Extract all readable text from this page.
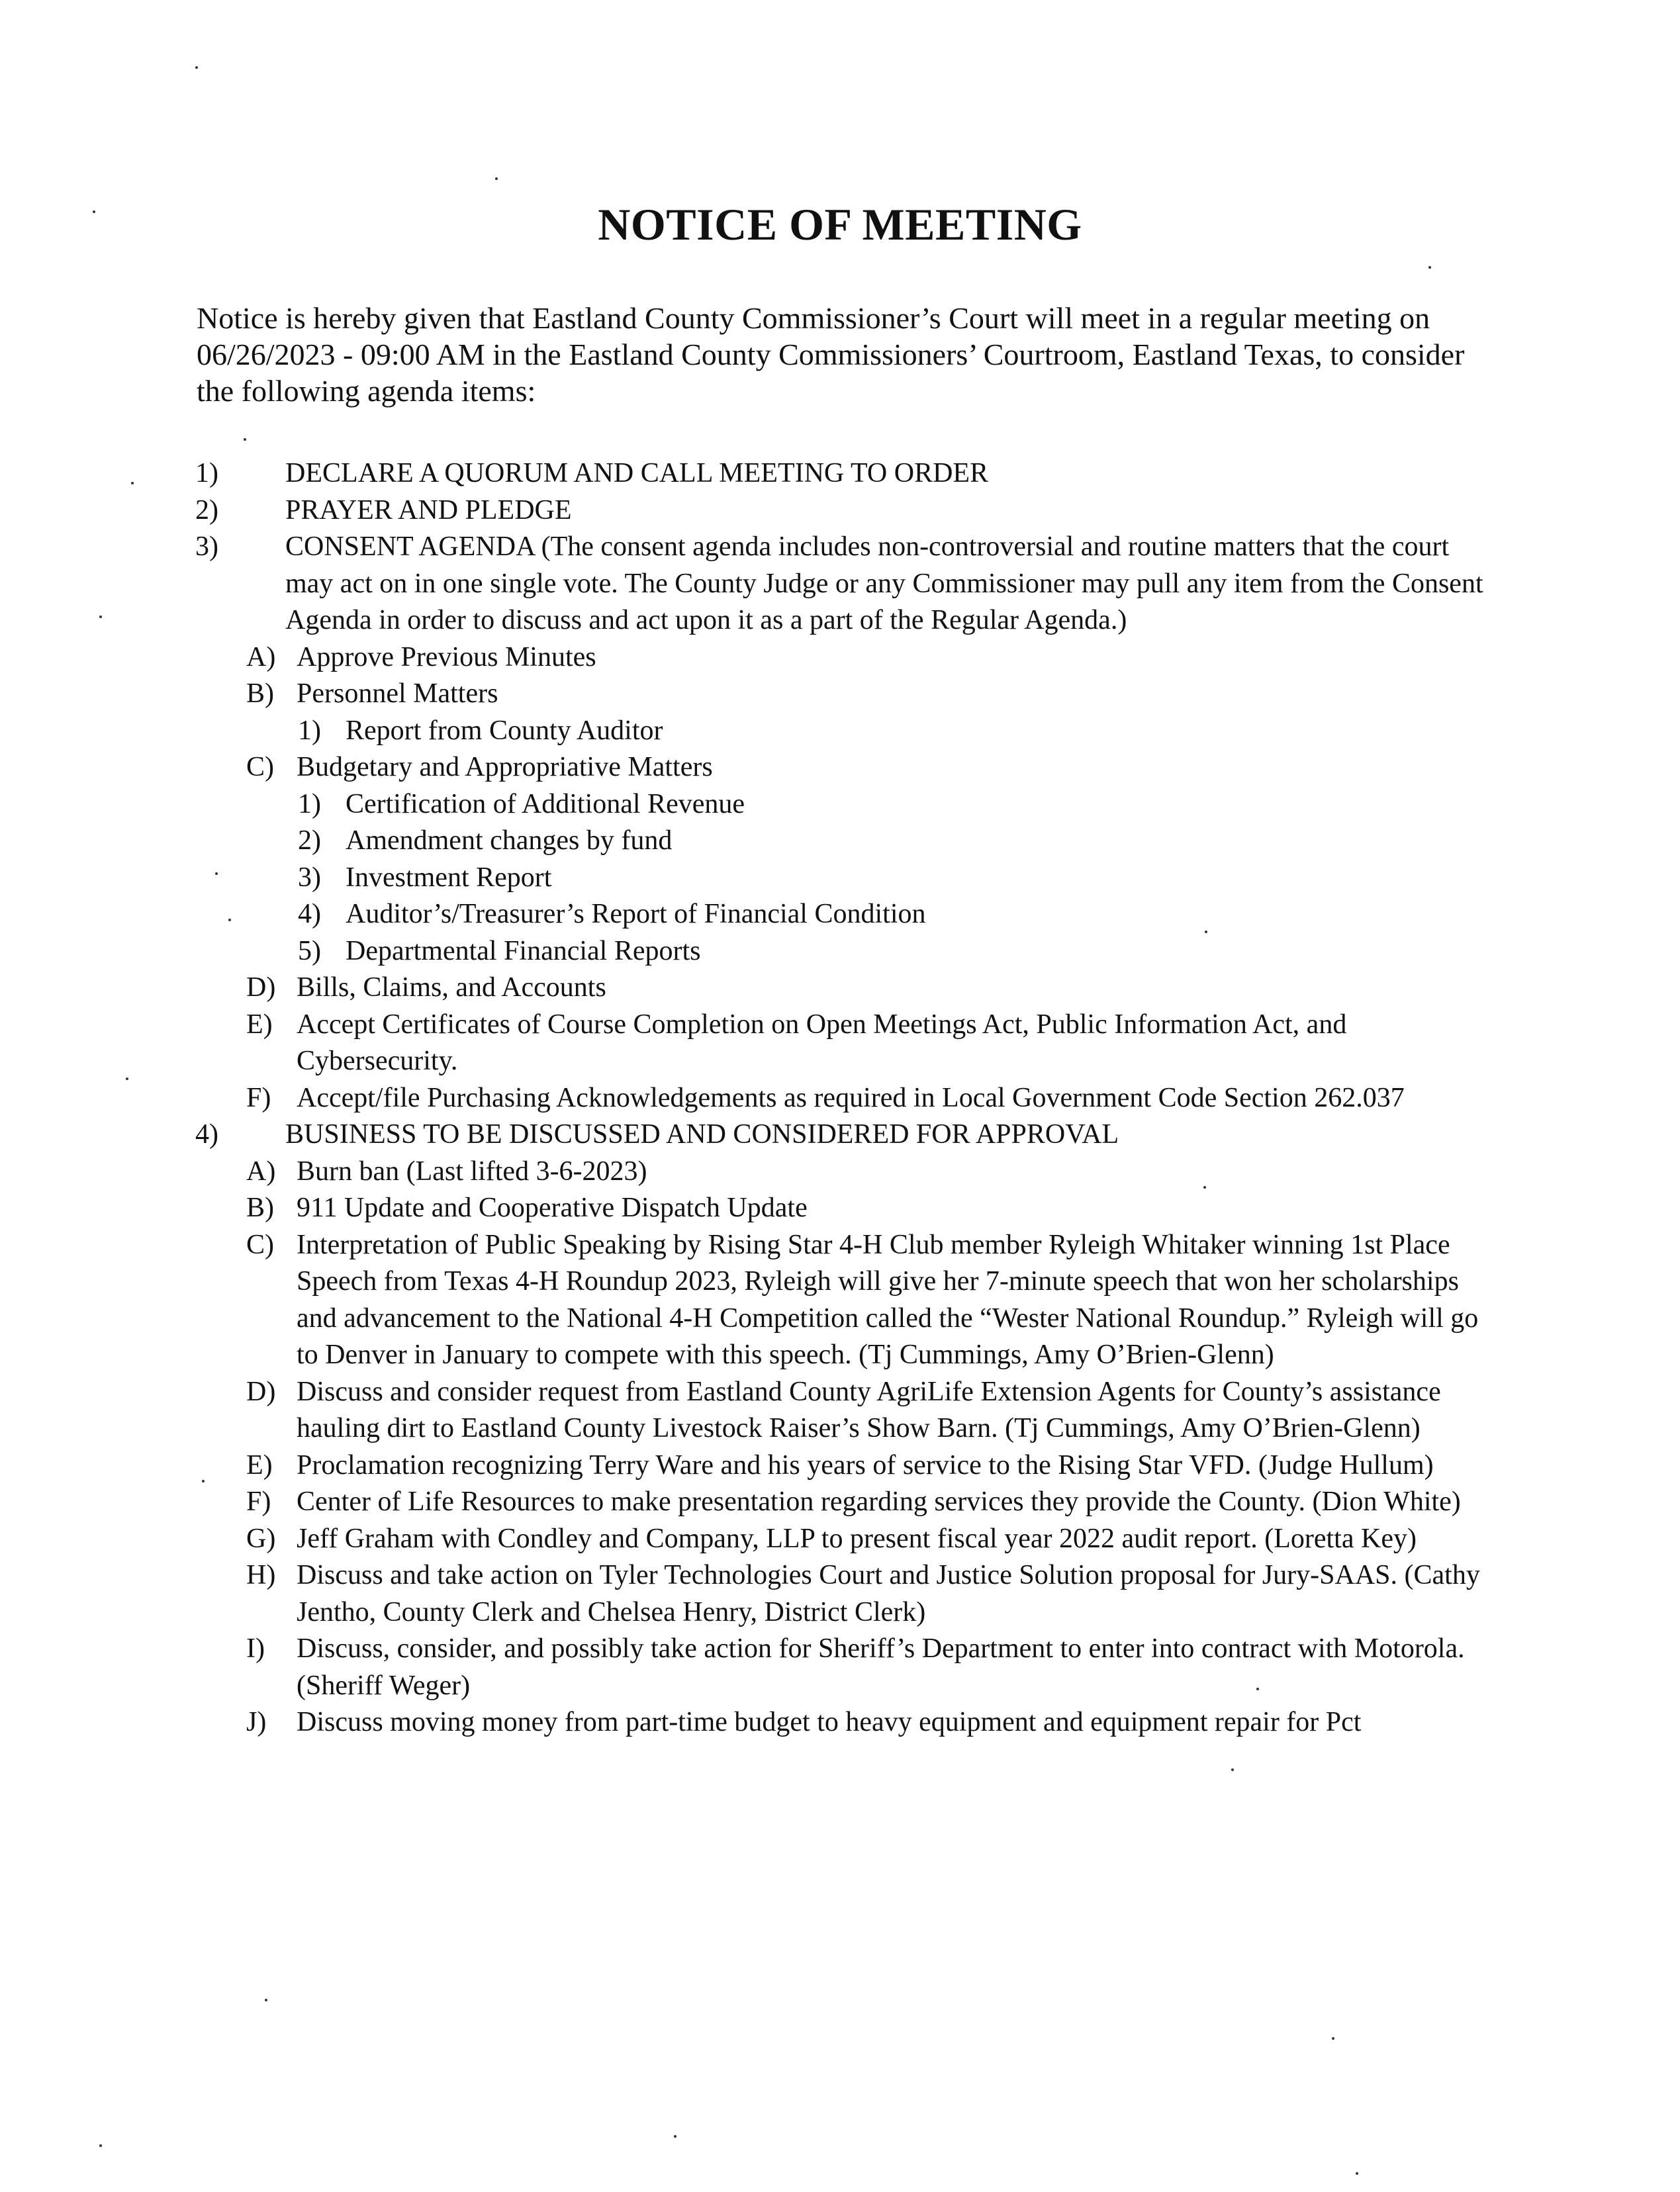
NOTICE OF MEETING
Notice is hereby given that Eastland County Commissioner’s Court will meet in a regular meeting on 06/26/2023 - 09:00 AM in the Eastland County Commissioners’ Courtroom, Eastland Texas, to consider the following agenda items:
1) DECLARE A QUORUM AND CALL MEETING TO ORDER
2) PRAYER AND PLEDGE
3) CONSENT AGENDA (The consent agenda includes non-controversial and routine matters that the court may act on in one single vote. The County Judge or any Commissioner may pull any item from the Consent Agenda in order to discuss and act upon it as a part of the Regular Agenda.)
A) Approve Previous Minutes
B) Personnel Matters
1) Report from County Auditor
C) Budgetary and Appropriative Matters
1) Certification of Additional Revenue
2) Amendment changes by fund
3) Investment Report
4) Auditor’s/Treasurer’s Report of Financial Condition
5) Departmental Financial Reports
D) Bills, Claims, and Accounts
E) Accept Certificates of Course Completion on Open Meetings Act, Public Information Act, and Cybersecurity.
F) Accept/file Purchasing Acknowledgements as required in Local Government Code Section 262.037
4) BUSINESS TO BE DISCUSSED AND CONSIDERED FOR APPROVAL
A) Burn ban (Last lifted 3-6-2023)
B) 911 Update and Cooperative Dispatch Update
C) Interpretation of Public Speaking by Rising Star 4-H Club member Ryleigh Whitaker winning 1st Place Speech from Texas 4-H Roundup 2023, Ryleigh will give her 7-minute speech that won her scholarships and advancement to the National 4-H Competition called the “Wester National Roundup.” Ryleigh will go to Denver in January to compete with this speech. (Tj Cummings, Amy O’Brien-Glenn)
D) Discuss and consider request from Eastland County AgriLife Extension Agents for County’s assistance hauling dirt to Eastland County Livestock Raiser’s Show Barn. (Tj Cummings, Amy O’Brien-Glenn)
E) Proclamation recognizing Terry Ware and his years of service to the Rising Star VFD. (Judge Hullum)
F) Center of Life Resources to make presentation regarding services they provide the County. (Dion White)
G) Jeff Graham with Condley and Company, LLP to present fiscal year 2022 audit report. (Loretta Key)
H) Discuss and take action on Tyler Technologies Court and Justice Solution proposal for Jury-SAAS. (Cathy Jentho, County Clerk and Chelsea Henry, District Clerk)
I) Discuss, consider, and possibly take action for Sheriff’s Department to enter into contract with Motorola. (Sheriff Weger)
J) Discuss moving money from part-time budget to heavy equipment and equipment repair for Pct
